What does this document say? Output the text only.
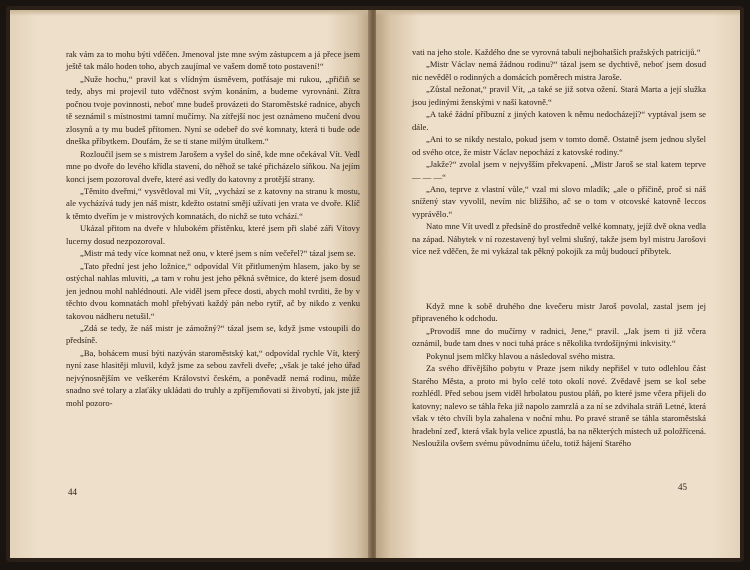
rak vám za to mohu býti vděčen. Jmenoval jste mne svým zástupcem a já přece jsem ještě tak málo hoden toho, abych zaujímal ve vašem domě toto postavení!“

„Nuže hochu,“ pravil kat s vlídným úsměvem, potřásaje mi rukou, „přičiň se tedy, abys mi projevil tuto vděčnost svým konáním, a budeme vyrovnáni. Zítra počnou tvoje povinnosti, neboť mne budeš provázeti do Staroměstské radnice, abych tě seznámil s místnostmi tamní mučírny. Na zítřejší noc jest oznámeno mučení dvou zlosynů a ty mu budeš přítomen. Nyní se odebeř do své komnaty, která ti bude ode dneška příbytkem. Doufám, že se ti stane milým útulkem.“

Rozloučil jsem se s mistrem Jarošem a vyšel do síně, kde mne očekával Vít. Vedl mne po dvoře do levého křídla stavení, do něhož se také přicházelo síňkou. Na jejím konci jsem pozoroval dveře, které asi vedly do katovny z protější strany.

„Těmito dveřmi,“ vysvětloval mi Vít, „vychází se z katovny na stranu k mostu, ale vycházívá tudy jen náš mistr, kdežto ostatní smějí užívati jen vrata ve dvoře. Klíč k těmto dveřím je v mistrových komnatách, do nichž se tuto vchází.“

Ukázal přitom na dveře v hlubokém přístěnku, které jsem při slabé záři Vítovy lucerny dosud nezpozoroval.

„Mistr má tedy více komnat než onu, v které jsem s ním večeřel?“ tázal jsem se.

„Tato přední jest jeho ložnice,“ odpovídal Vít přitlumeným hlasem, jako by se ostýchal nahlas mluviti, „a tam v rohu jest jeho pěkná světnice, do které jsem dosud jen jednou mohl nahlédnouti. Ale viděl jsem přece dosti, abych mohl tvrditi, že by v těchto dvou komnatách mohl přebývati každý pán nebo rytíř, ač by nikdo z venku takovou nádheru netušil.“

„Zdá se tedy, že náš mistr je zámožný?“ tázal jsem se, když jsme vstoupili do předsíně.

„Ba, bohácem musí býti nazýván staroměstský kat,“ odpovídal rychle Vít, který nyní zase hlasitěji mluvil, když jsme za sebou zavřeli dveře; „však je také jeho úřad nejvýnosnějším ve veškerém Království českém, a poněvadž nemá rodinu, může snadno své tolary a zlaťáky ukládati do truhly a zpříjemňovati si živobytí, jak jste již mohl pozoro-

44

vati na jeho stole. Každého dne se vyrovná tabuli nejbohatších pražských patricijů.“

„Mistr Václav nemá žádnou rodinu?“ tázal jsem se dychtivě, neboť jsem dosud nic nevěděl o rodinných a domácích poměrech mistra Jaroše.

„Zůstal nežonat,“ pravil Vít, „a také se již sotva ožení. Stará Marta a její služka jsou jedinými ženskými v naší katovně.“

„A také žádní příbuzní z jiných katoven k němu nedocházejí?“ vyptával jsem se dále.

„Ani to se nikdy nestalo, pokud jsem v tomto domě. Ostatně jsem jednou slyšel od svého otce, že mistr Václav nepochází z katovské rodiny.“

„Jakže?“ zvolal jsem v nejvyšším překvapení. „Mistr Jaroš se stal katem teprve — — —“

„Ano, teprve z vlastní vůle,“ vzal mi slovo mladík; „ale o příčině, proč si náš snížený stav vyvolil, nevím nic bližšího, ač se o tom v otcovské katovně leccos vyprávělo.“

Nato mne Vít uvedl z předsíně do prostředně velké komnaty, jejíž dvě okna vedla na západ. Nábytek v ní rozestavený byl velmi slušný, takže jsem byl mistru Jarošovi více než vděčen, že mi vykázal tak pěkný pokojík za můj budoucí příbytek.

Když mne k sobě druhého dne kvečeru mistr Jaroš povolal, zastal jsem jej připraveného k odchodu.

„Provodíš mne do mučírny v radnici, Jene,“ pravil. „Jak jsem ti již včera oznámil, bude tam dnes v noci tuhá práce s několika tvrdošíjnými inkvisity.“

Pokynul jsem mlčky hlavou a následoval svého mistra.

Za svého dřívějšího pobytu v Praze jsem nikdy nepřišel v tuto odlehlou část Starého Města, a proto mi bylo celé toto okolí nové. Zvědavě jsem se kol sebe rozhlédl. Před sebou jsem viděl hrbolatou pustou pláň, po které jsme včera přijeli do katovny; nalevo se táhla řeka již napolo zamrzlá a za ní se zdvihala stráň Letné, která však v této chvíli byla zahalena v noční mhu. Po pravé straně se táhla staroměstská hradební zeď, která však byla velice zpustlá, ba na některých místech už položřícená. Nesloužila ovšem svému původnímu účelu, totiž hájení Starého

45
